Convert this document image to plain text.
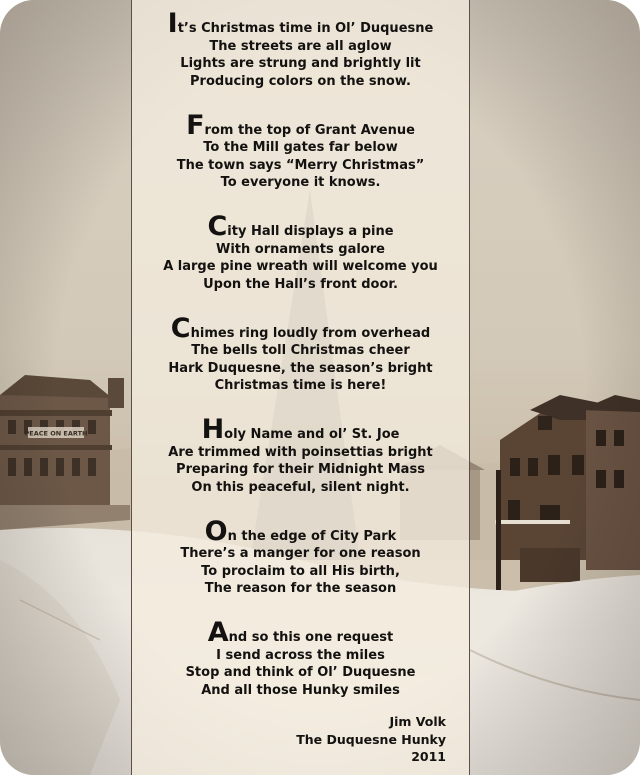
It’s Christmas time in Ol’ Duquesne
The streets are all aglow
Lights are strung and brightly lit
Producing colors on the snow.
From the top of Grant Avenue
To the Mill gates far below
The town says “Merry Christmas”
To everyone it knows.
City Hall displays a pine
With ornaments galore
A large pine wreath will welcome you
Upon the Hall’s front door.
Chimes ring loudly from overhead
The bells toll Christmas cheer
Hark Duquesne, the season’s bright
Christmas time is here!
Holy Name and ol’ St. Joe
Are trimmed with poinsettias bright
Preparing for their Midnight Mass
On this peaceful, silent night.
On the edge of City Park
There’s a manger for one reason
To proclaim to all His birth,
The reason for the season
And so this one request
I send across the miles
Stop and think of Ol’ Duquesne
And all those Hunky smiles
Jim Volk
The Duquesne Hunky
2011
